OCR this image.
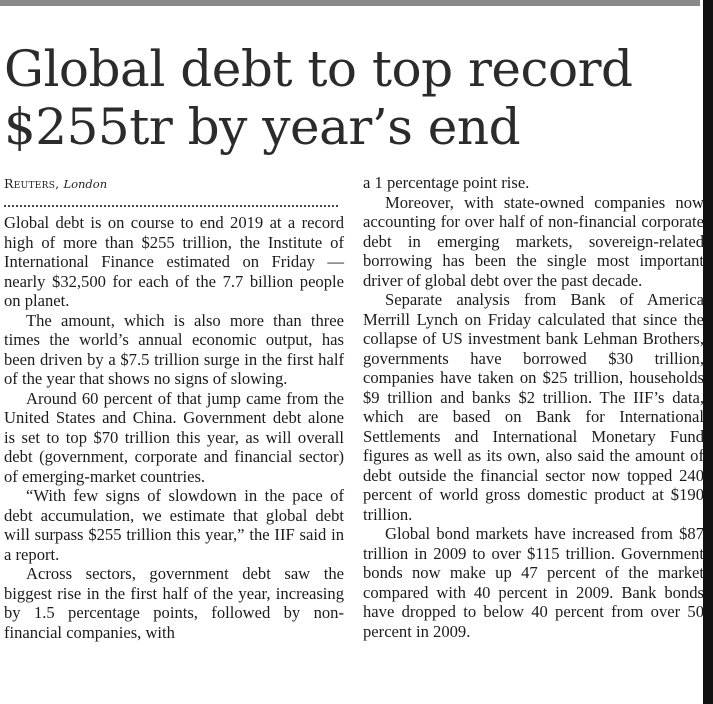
Global debt to top record $255tr by year’s end
Reuters, London

Global debt is on course to end 2019 at a record high of more than $255 trillion, the Institute of International Finance estimated on Friday — nearly $32,500 for each of the 7.7 billion people on planet.

The amount, which is also more than three times the world’s annual economic output, has been driven by a $7.5 trillion surge in the first half of the year that shows no signs of slowing.

Around 60 percent of that jump came from the United States and China. Government debt alone is set to top $70 trillion this year, as will overall debt (government, corporate and financial sector) of emerging-market countries.

“With few signs of slowdown in the pace of debt accumulation, we estimate that global debt will surpass $255 trillion this year,” the IIF said in a report.

Across sectors, government debt saw the biggest rise in the first half of the year, increasing by 1.5 percentage points, followed by non-financial companies, with

a 1 percentage point rise.

Moreover, with state-owned companies now accounting for over half of non-financial corporate debt in emerging markets, sovereign-related borrowing has been the single most important driver of global debt over the past decade.

Separate analysis from Bank of America Merrill Lynch on Friday calculated that since the collapse of US investment bank Lehman Brothers, governments have borrowed $30 trillion, companies have taken on $25 trillion, households $9 trillion and banks $2 trillion. The IIF’s data, which are based on Bank for International Settlements and International Monetary Fund figures as well as its own, also said the amount of debt outside the financial sector now topped 240 percent of world gross domestic product at $190 trillion.

Global bond markets have increased from $87 trillion in 2009 to over $115 trillion. Government bonds now make up 47 percent of the market compared with 40 percent in 2009. Bank bonds have dropped to below 40 percent from over 50 percent in 2009.
